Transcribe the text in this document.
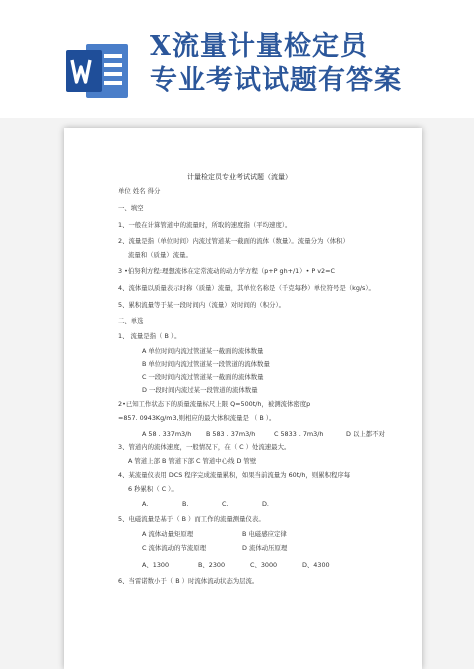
X流量计量检定员
专业考试试题有答案
计量检定员专业考试试题（流量）
单位 姓名 得分
一、填空
1、一般在计算管道中的流量时，所取的速度指（平均速度）。
2、流量是指（单位时间）内流过管道某一截面的流体（数量）。流量分为（体积）
流量和（质量）流量。
3 •伯努利方程:理想流体在定常流动的动力学方程（p+P gh+/1）• P v2=C
4、流体量以质量表示时称（质量）流量，其单位名称是（千克每秒）单位符号是（kg/s）。
5、累积流量等于某一段时间内（流量）对时间的（积分）。
二、单选
1、 流量是指（ B ）。
A 单位时间内流过管道某一截面的流体数量
B 单位时间内流过管道某一段管道的流体数量
C 一段时间内流过管道某一截面的流体数量
D 一段时间内流过某一段管道的流体数量
2•已知工作状态下的质量流量标尺上限 Q=500t/h，被测流体密度p
=857. 0943Kg/m3,则相应的最大体积流量是 （ B ）。
A 58 . 337m3/h B 583 . 37m3/h	C 5833 . 7m3/h	D 以上都不对
3、管道内的流体速度，一般情况下，在（ C ）处流速最大。
A 管道上部 B 管道下部 C 管道中心线 D 管壁
4、某流量仪表用 DCS 程序完成流量累积，如果当前流量为 60t/h，则累积程序每
6 秒累积（ C ）。
A.	B.	C.	D.
5、电磁流量是基于（ B ）而工作的流量测量仪表。
A 流体动量矩原理	B 电磁感应定律
C 流体流动的节流原理	D 流体动压原理
A、1300	B、2300	C、3000	D、4300
6、当雷诺数小于（ B ）时流体流动状态为层流。
